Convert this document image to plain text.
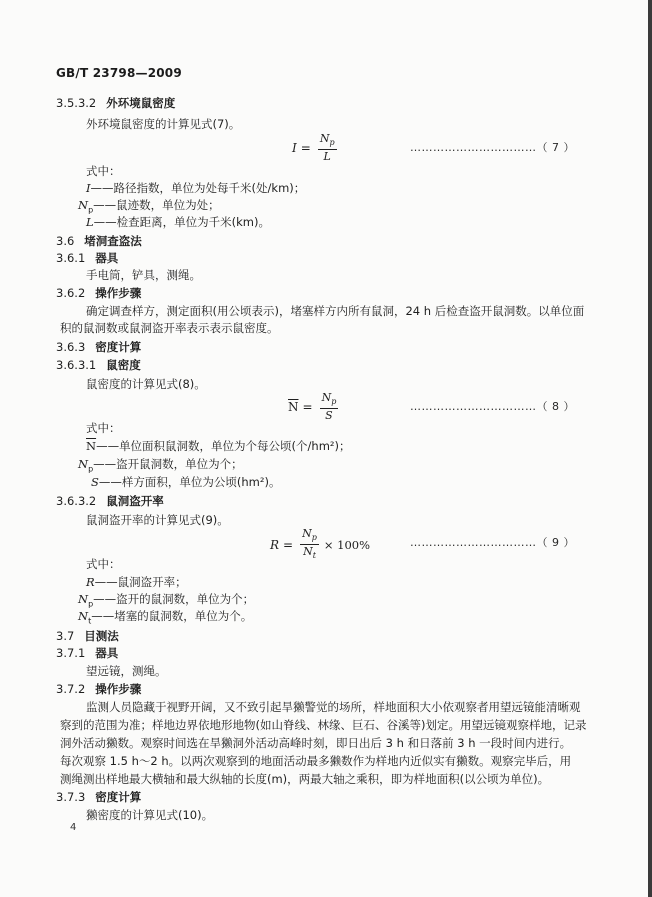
GB/T 23798—2009
3.5.3.2 外环境鼠密度
外环境鼠密度的计算见式(7)。
$I = \frac{N_p}{L}$	……………………………（ 7 ）
式中：
I——路径指数，单位为处每千米(处/km)；
$N_p——$鼠迹数，单位为处；
L——检查距离，单位为千米(km)。
3.6 堵洞查盗法
3.6.1 器具
手电筒，铲具，测绳。
3.6.2 操作步骤
确定调查样方，测定面积(用公顷表示)，堵塞样方内所有鼠洞，24 h 后检查盗开鼠洞数。以单位面
积的鼠洞数或鼠洞盗开率表示表示鼠密度。
3.6.3 密度计算
3.6.3.1 鼠密度
鼠密度的计算见式(8)。
$\overline{N} = \frac{N_p}{S}$	……………………………（ 8 ）
式中：
$\overline{N}——$单位面积鼠洞数，单位为个每公顷(个/hm²)；
$N_p——$盗开鼠洞数，单位为个；
S——样方面积，单位为公顷(hm²)。
3.6.3.2 鼠洞盗开率
鼠洞盗开率的计算见式(9)。
$R = \frac{N_p}{N_t} \times 100\%$	……………………………（ 9 ）
式中：
R——鼠洞盗开率；
$N_p——$盗开的鼠洞数，单位为个；
$N_t——$堵塞的鼠洞数，单位为个。
3.7 目测法
3.7.1 器具
望远镜，测绳。
3.7.2 操作步骤
监测人员隐藏于视野开阔，又不致引起旱獭警觉的场所，样地面积大小依观察者用望远镜能清晰观
察到的范围为准；样地边界依地形地物(如山脊线、林缘、巨石、谷溪等)划定。用望远镜观察样地，记录
洞外活动獭数。观察时间选在旱獭洞外活动高峰时刻，即日出后 3 h 和日落前 3 h 一段时间内进行。
每次观察 1.5 h～2 h。以两次观察到的地面活动最多獭数作为样地内近似实有獭数。观察完毕后，用
测绳测出样地最大横轴和最大纵轴的长度(m)，两最大轴之乘积，即为样地面积(以公顷为单位)。
3.7.3 密度计算
獭密度的计算见式(10)。
4
